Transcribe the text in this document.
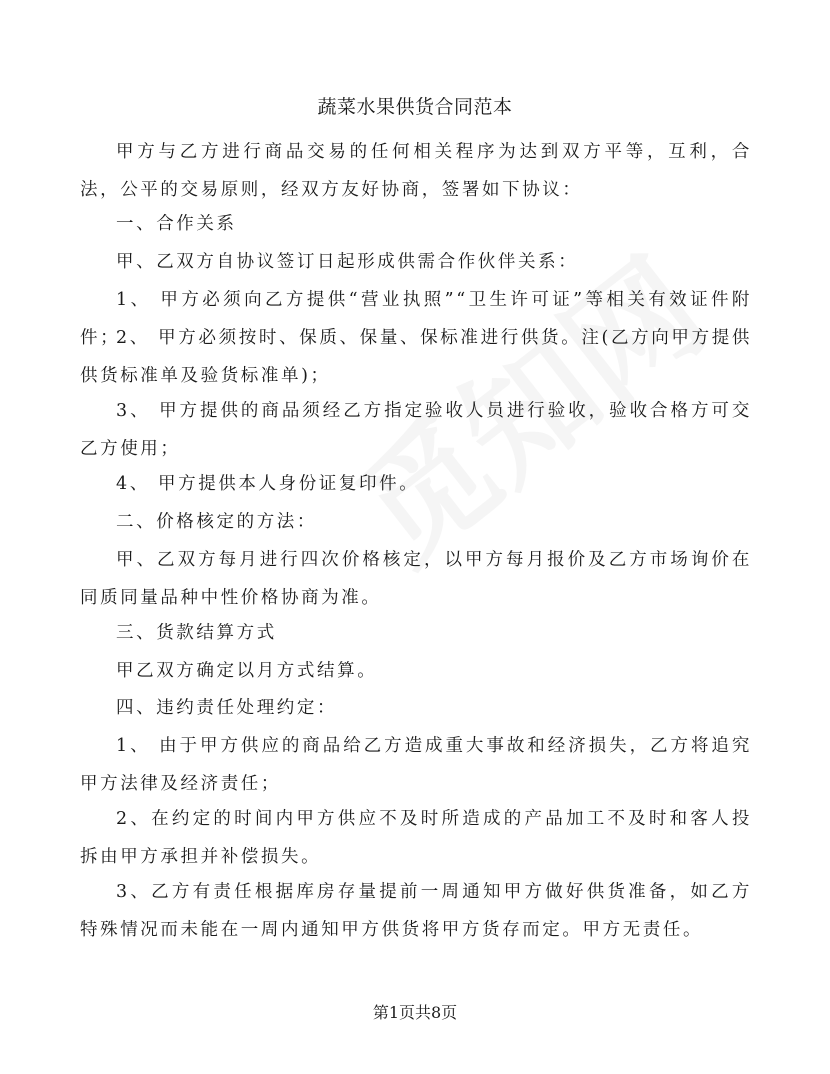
蔬菜水果供货合同范本

甲方与乙方进行商品交易的任何相关程序为达到双方平等，互利，合法，公平的交易原则，经双方友好协商，签署如下协议：

一、合作关系

甲、乙双方自协议签订日起形成供需合作伙伴关系：

1、 甲方必须向乙方提供“营业执照”“卫生许可证”等相关有效证件附件；

2、 甲方必须按时、保质、保量、保标准进行供货。注(乙方向甲方提供供货标准单及验货标准单)；

3、 甲方提供的商品须经乙方指定验收人员进行验收，验收合格方可交乙方使用；

4、 甲方提供本人身份证复印件。

二、价格核定的方法：

甲、乙双方每月进行四次价格核定，以甲方每月报价及乙方市场询价在同质同量品种中性价格协商为准。

三、货款结算方式

甲乙双方确定以月方式结算。

四、违约责任处理约定：

1、 由于甲方供应的商品给乙方造成重大事故和经济损失，乙方将追究甲方法律及经济责任；

2、在约定的时间内甲方供应不及时所造成的产品加工不及时和客人投拆由甲方承担并补偿损失。

3、乙方有责任根据库房存量提前一周通知甲方做好供货准备，如乙方特殊情况而未能在一周内通知甲方供货将甲方货存而定。甲方无责任。

第1页共8页
